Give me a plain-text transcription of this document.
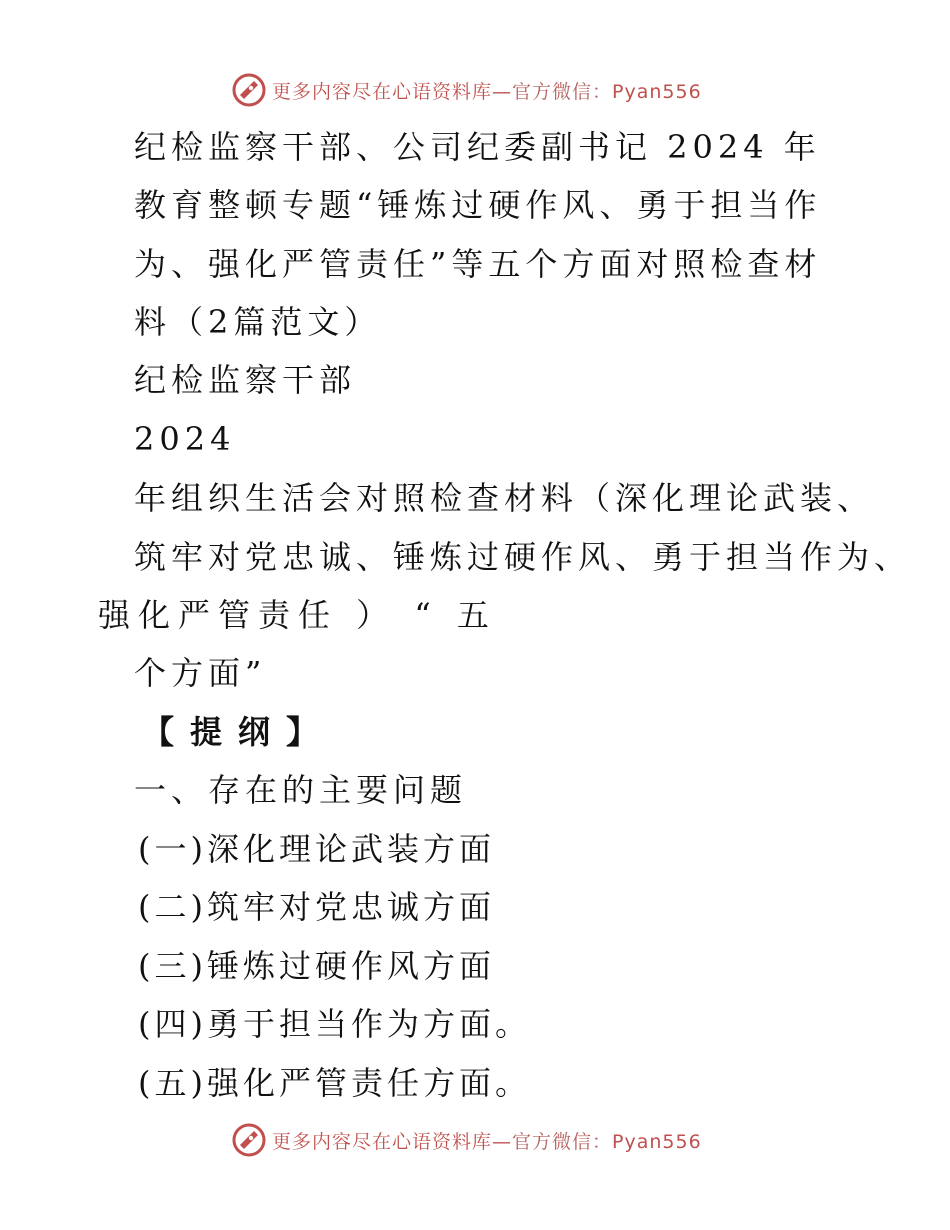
更多内容尽在心语资料库—官方微信：Pyan556
纪检监察干部、公司纪委副书记 2024 年
教育整顿专题“锤炼过硬作风、勇于担当作
为、强化严管责任”等五个方面对照检查材
料（2篇范文）
纪检监察干部
2024
年组织生活会对照检查材料（深化理论武装、
筑牢对党忠诚、锤炼过硬作风、勇于担当作为、
强化严管责任 ） “ 五
个方面”
【提纲】
一、存在的主要问题
(一)深化理论武装方面
(二)筑牢对党忠诚方面
(三)锤炼过硬作风方面
(四)勇于担当作为方面。
(五)强化严管责任方面。
更多内容尽在心语资料库—官方微信：Pyan556
